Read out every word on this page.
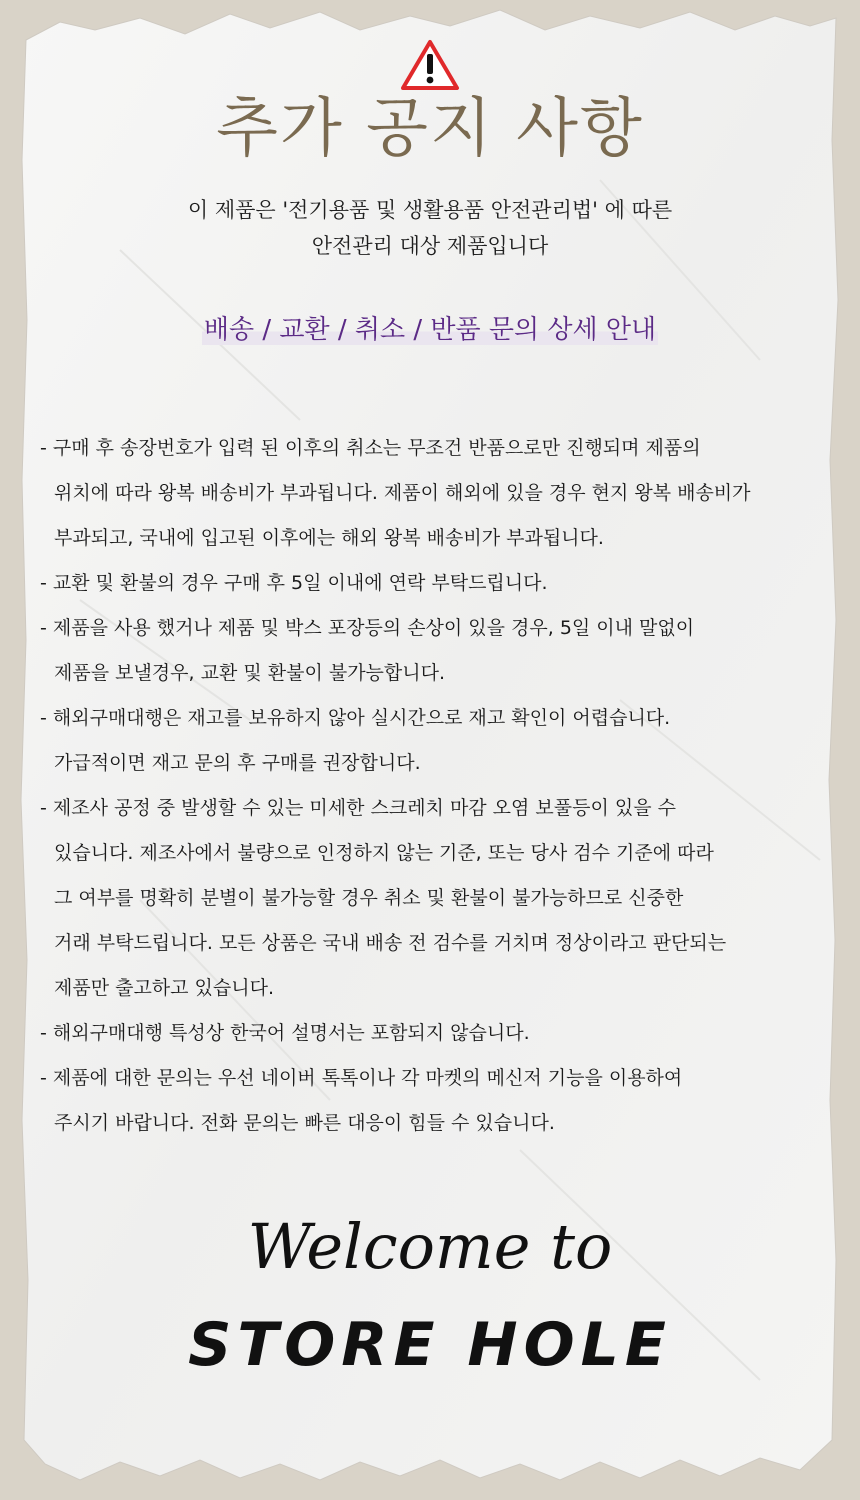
추가 공지 사항
이 제품은 '전기용품 및 생활용품 안전관리법' 에 따른
안전관리 대상 제품입니다
배송 / 교환 / 취소 / 반품 문의 상세 안내
- 구매 후 송장번호가 입력 된 이후의 취소는 무조건 반품으로만 진행되며 제품의
위치에 따라 왕복 배송비가 부과됩니다. 제품이 해외에 있을 경우 현지 왕복 배송비가
부과되고, 국내에 입고된 이후에는 해외 왕복 배송비가 부과됩니다.
- 교환 및 환불의 경우 구매 후 5일 이내에 연락 부탁드립니다.
- 제품을 사용 했거나 제품 및 박스 포장등의 손상이 있을 경우, 5일 이내 말없이
제품을 보낼경우, 교환 및 환불이 불가능합니다.
- 해외구매대행은 재고를 보유하지 않아 실시간으로 재고 확인이 어렵습니다.
가급적이면 재고 문의 후 구매를 권장합니다.
- 제조사 공정 중 발생할 수 있는 미세한 스크레치 마감 오염 보풀등이 있을 수
있습니다. 제조사에서 불량으로 인정하지 않는 기준, 또는 당사 검수 기준에 따라
그 여부를 명확히 분별이 불가능할 경우 취소 및 환불이 불가능하므로 신중한
거래 부탁드립니다. 모든 상품은 국내 배송 전 검수를 거치며 정상이라고 판단되는
제품만 출고하고 있습니다.
- 해외구매대행 특성상 한국어 설명서는 포함되지 않습니다.
- 제품에 대한 문의는 우선 네이버 톡톡이나 각 마켓의 메신저 기능을 이용하여
주시기 바랍니다. 전화 문의는 빠른 대응이 힘들 수 있습니다.
Welcome to
STORE HOLE
